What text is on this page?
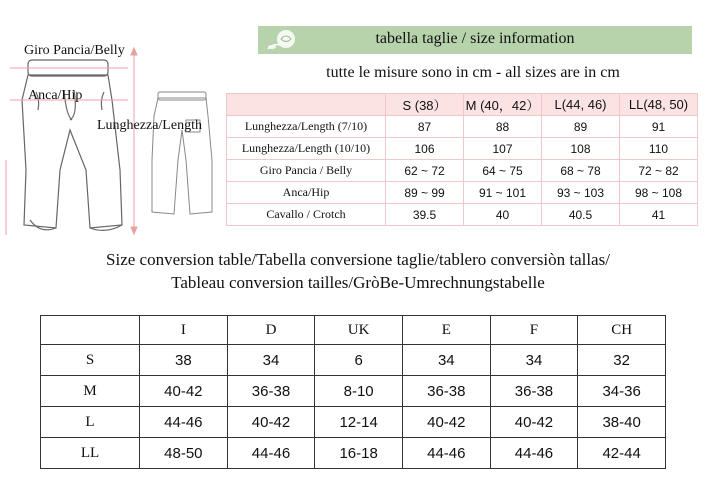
Giro Pancia/Belly
Anca/Hip
Lunghezza/Length
tabella taglie / size information
tutte le misure sono in cm - all sizes are in cm
	S (38）	M (40，42）	L(44, 46)	LL(48, 50)
Lunghezza/Length (7/10)	87	88	89	91
Lunghezza/Length (10/10)	106	107	108	110
Giro Pancia / Belly	62 ~ 72	64 ~ 75	68 ~ 78	72 ~ 82
Anca/Hip	89 ~ 99	91 ~ 101	93 ~ 103	98 ~ 108
Cavallo / Crotch	39.5	40	40.5	41
Size conversion table/Tabella conversione taglie/tablero conversiòn tallas/
Tableau conversion tailles/GròBe-Umrechnungstabelle
	I	D	UK	E	F	CH
S	38	34	6	34	34	32
M	40-42	36-38	8-10	36-38	36-38	34-36
L	44-46	40-42	12-14	40-42	40-42	38-40
LL	48-50	44-46	16-18	44-46	44-46	42-44
